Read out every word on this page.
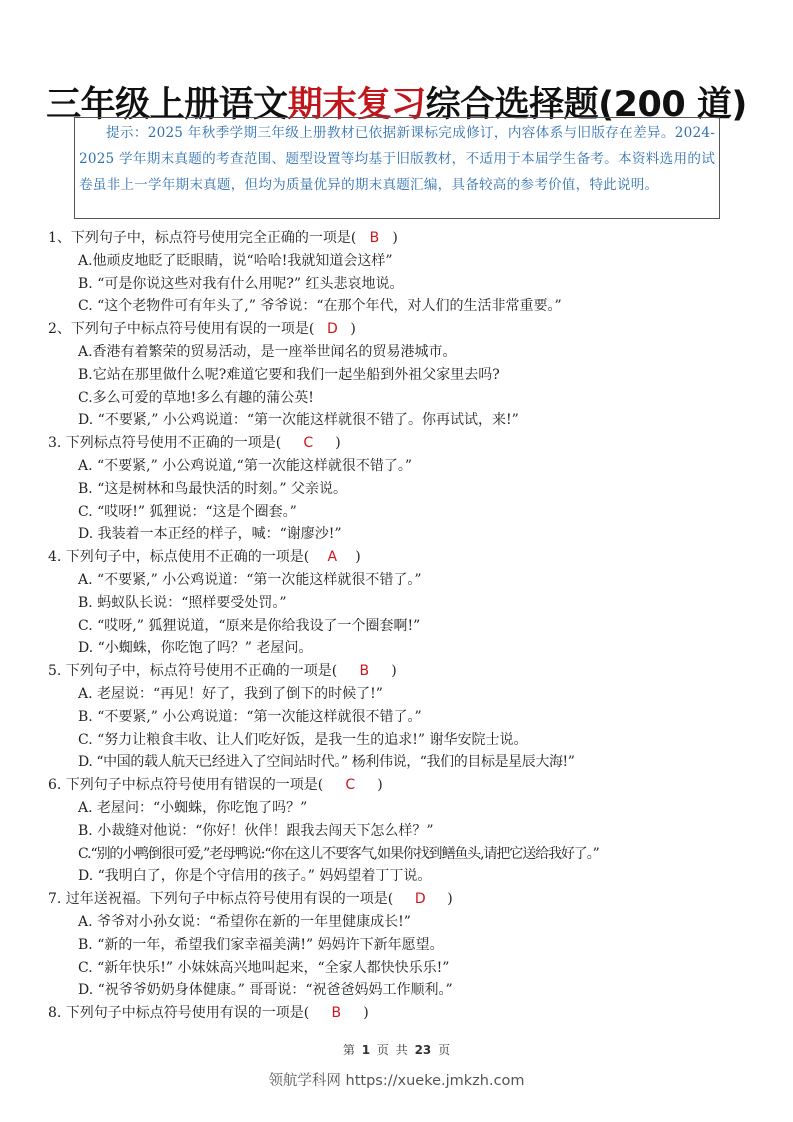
三年级上册语文期末复习综合选择题(200 道)
提示：2025 年秋季学期三年级上册教材已依据新课标完成修订，内容体系与旧版存在差异。2024-2025 学年期末真题的考查范围、题型设置等均基于旧版教材，不适用于本届学生备考。本资料选用的试卷虽非上一学年期末真题，但均为质量优异的期末真题汇编，具备较高的参考价值，特此说明。
1、下列句子中，标点符号使用完全正确的一项是( B )
A.他顽皮地眨了眨眼睛，说“哈哈!我就知道会这样”
B. “可是你说这些对我有什么用呢?” 红头悲哀地说。
C. “这个老物件可有年头了,” 爷爷说：“在那个年代，对人们的生活非常重要。”
2、下列句子中标点符号使用有误的一项是( D )
A.香港有着繁荣的贸易活动，是一座举世闻名的贸易港城市。
B.它站在那里做什么呢?难道它要和我们一起坐船到外祖父家里去吗?
C.多么可爱的草地!多么有趣的蒲公英!
D. “不要紧,” 小公鸡说道：“第一次能这样就很不错了。你再试试，来!”
3. 下列标点符号使用不正确的一项是( C )
A. “不要紧,” 小公鸡说道,“第一次能这样就很不错了。”
B. “这是树林和鸟最快活的时刻。” 父亲说。
C. “哎呀!” 狐狸说：“这是个圈套。”
D. 我装着一本正经的样子，喊：“谢廖沙!”
4. 下列句子中，标点使用不正确的一项是( A )
A. “不要紧,” 小公鸡说道：“第一次能这样就很不错了。”
B. 蚂蚁队长说：“照样要受处罚。”
C. “哎呀,” 狐狸说道，“原来是你给我设了一个圈套啊!”
D. “小蜘蛛，你吃饱了吗？” 老屋问。
5. 下列句子中，标点符号使用不正确的一项是( B )
A. 老屋说：“再见！好了，我到了倒下的时候了!”
B. “不要紧,” 小公鸡说道：“第一次能这样就很不错了。”
C. “努力让粮食丰收、让人们吃好饭，是我一生的追求!” 谢华安院士说。
D. “中国的载人航天已经进入了空间站时代。” 杨利伟说，“我们的目标是星辰大海!”
6. 下列句子中标点符号使用有错误的一项是( C )
A. 老屋问：“小蜘蛛，你吃饱了吗？”
B. 小裁缝对他说：“你好！伙伴！跟我去闯天下怎么样？”
C.“别的小鸭倒很可爱,”老母鸭说:“你在这儿不要客气,如果你找到鳝鱼头,请把它送给我好了。”
D. “我明白了，你是个守信用的孩子。” 妈妈望着丁丁说。
7. 过年送祝福。下列句子中标点符号使用有误的一项是( D )
A. 爷爷对小孙女说：“希望你在新的一年里健康成长!”
B. “新的一年，希望我们家幸福美满!” 妈妈许下新年愿望。
C. “新年快乐!” 小妹妹高兴地叫起来，“全家人都快快乐乐!”
D. “祝爷爷奶奶身体健康。” 哥哥说：“祝爸爸妈妈工作顺利。”
8. 下列句子中标点符号使用有误的一项是( B )
第 1 页 共 23 页
领航学科网 https://xueke.jmkzh.com
